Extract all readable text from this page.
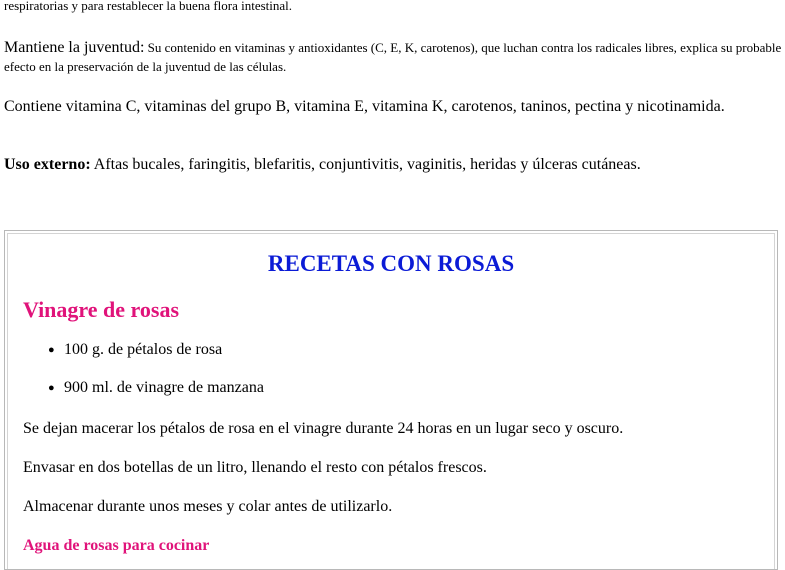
respiratorias y para restablecer la buena flora intestinal.

Mantiene la juventud: Su contenido en vitaminas y antioxidantes (C, E, K, carotenos), que luchan contra los radicales libres, explica su probable efecto en la preservación de la juventud de las células.

Contiene vitamina C, vitaminas del grupo B, vitamina E, vitamina K, carotenos, taninos, pectina y nicotinamida.

Uso externo: Aftas bucales, faringitis, blefaritis, conjuntivitis, vaginitis, heridas y úlceras cutáneas.

RECETAS CON ROSAS
Vinagre de rosas
● 100 g. de pétalos de rosa
● 900 ml. de vinagre de manzana

Se dejan macerar los pétalos de rosa en el vinagre durante 24 horas en un lugar seco y oscuro.

Envasar en dos botellas de un litro, llenando el resto con pétalos frescos.

Almacenar durante unos meses y colar antes de utilizarlo.

Agua de rosas para cocinar
